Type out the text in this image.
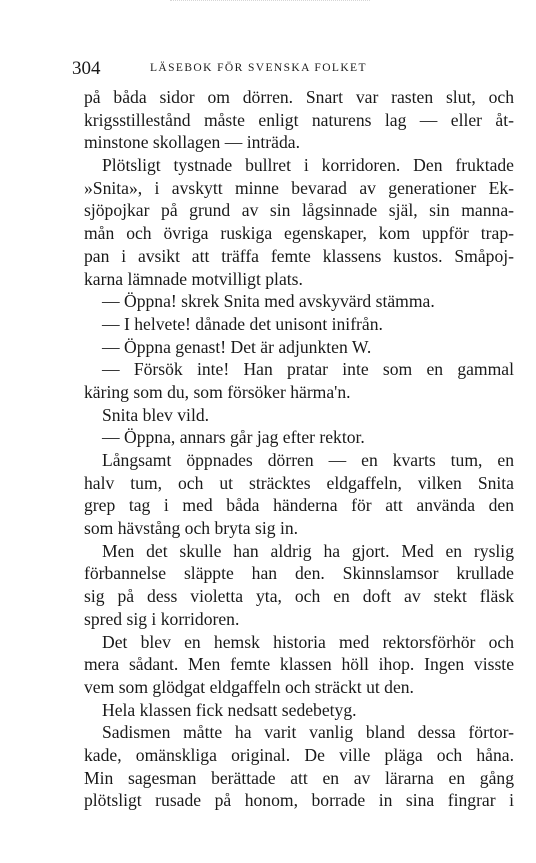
304	LÄSEBOK FÖR SVENSKA FOLKET
på båda sidor om dörren. Snart var rasten slut, och
krigsstillestånd måste enligt naturens lag — eller åt-
minstone skollagen — inträda.
Plötsligt tystnade bullret i korridoren. Den fruktade
»Snita», i avskytt minne bevarad av generationer Ek-
sjöpojkar på grund av sin lågsinnade själ, sin manna-
mån och övriga ruskiga egenskaper, kom uppför trap-
pan i avsikt att träffa femte klassens kustos. Småpoj-
karna lämnade motvilligt plats.
— Öppna! skrek Snita med avskyvärd stämma.
— I helvete! dånade det unisont inifrån.
— Öppna genast! Det är adjunkten W.
— Försök inte! Han pratar inte som en gammal
käring som du, som försöker härma'n.
Snita blev vild.
— Öppna, annars går jag efter rektor.
Långsamt öppnades dörren — en kvarts tum, en
halv tum, och ut sträcktes eldgaffeln, vilken Snita
grep tag i med båda händerna för att använda den
som hävstång och bryta sig in.
Men det skulle han aldrig ha gjort. Med en ryslig
förbannelse släppte han den. Skinnslamsor krullade
sig på dess violetta yta, och en doft av stekt fläsk
spred sig i korridoren.
Det blev en hemsk historia med rektorsförhör och
mera sådant. Men femte klassen höll ihop. Ingen visste
vem som glödgat eldgaffeln och sträckt ut den.
Hela klassen fick nedsatt sedebetyg.
Sadismen måtte ha varit vanlig bland dessa förtor-
kade, omänskliga original. De ville pläga och håna.
Min sagesman berättade att en av lärarna en gång
plötsligt rusade på honom, borrade in sina fingrar i
